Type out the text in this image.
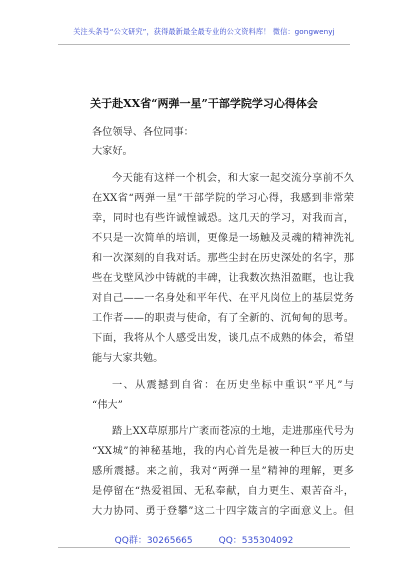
关注头条号“公文研究”，获得最新最全最专业的公文资料库！ 微信：gongwenyj
关于赴XX省“两弹一星”干部学院学习心得体会
各位领导、各位同事：
大家好。
今天能有这样一个机会，和大家一起交流分享前不久
在XX省“两弹一星”干部学院的学习心得，我感到非常荣
幸，同时也有些许诚惶诚恐。这几天的学习，对我而言，
不只是一次简单的培训，更像是一场触及灵魂的精神洗礼
和一次深刻的自我对话。那些尘封在历史深处的名字，那
些在戈壁风沙中铸就的丰碑，让我数次热泪盈眶，也让我
对自己——一名身处和平年代、在平凡岗位上的基层党务
工作者——的职责与使命，有了全新的、沉甸甸的思考。
下面，我将从个人感受出发，谈几点不成熟的体会，希望
能与大家共勉。
一、从震撼到自省：在历史坐标中重识“平凡”与
“伟大”
踏上XX草原那片广袤而苍凉的土地，走进那座代号为
“XX城”的神秘基地，我的内心首先是被一种巨大的历史
感所震撼。来之前，我对“两弹一星”精神的理解，更多
是停留在“热爱祖国、无私奉献，自力更生、艰苦奋斗，
大力协同、勇于登攀”这二十四字箴言的字面意义上。但
QQ群：30265665	QQ：535304092
